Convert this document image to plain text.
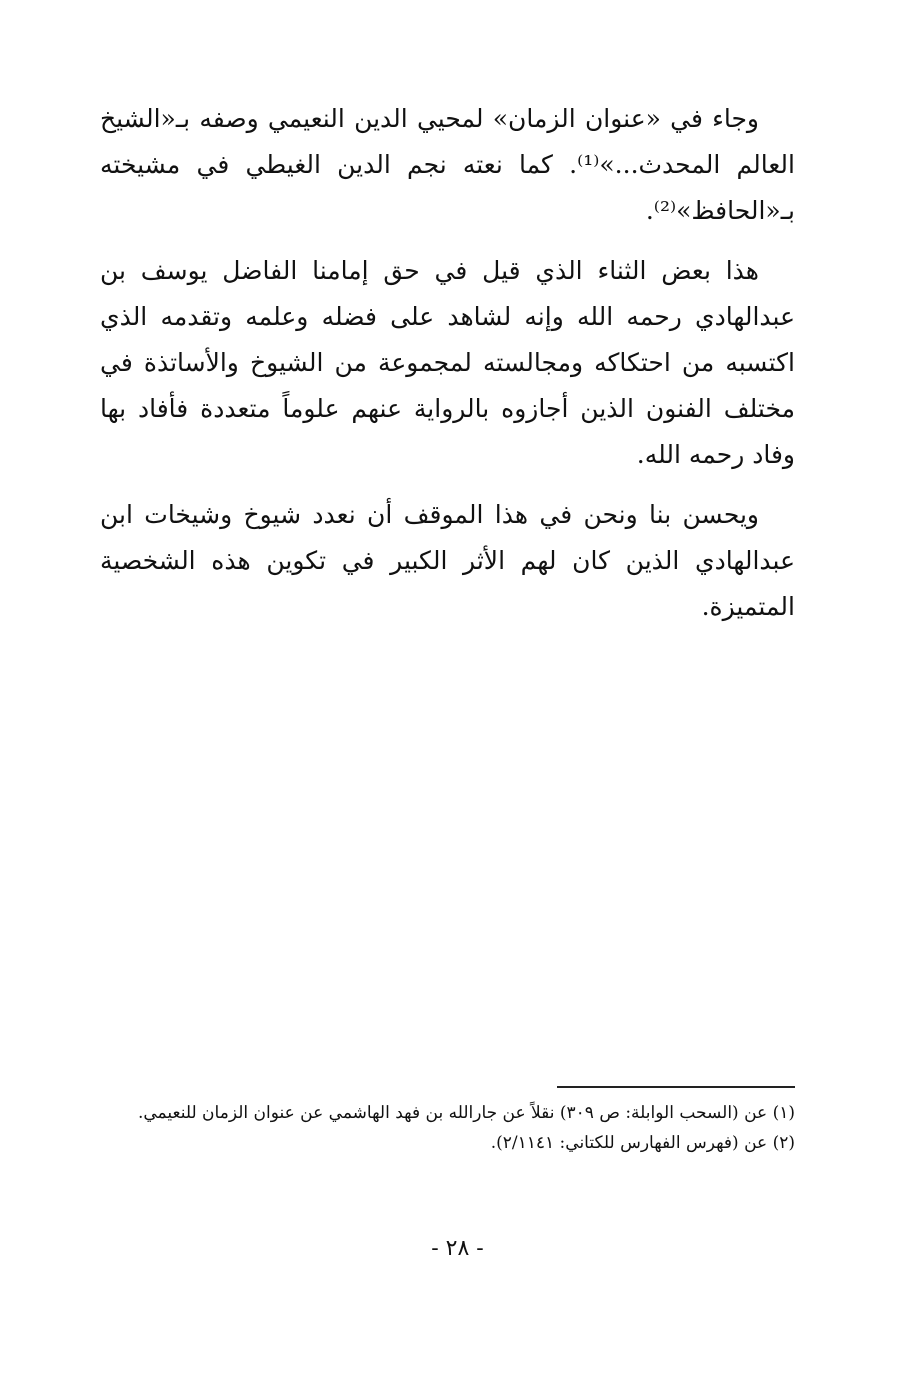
وجاء في «عنوان الزمان» لمحيي الدين النعيمي وصفه بـ«الشيخ العالم المحدث...»⁽¹⁾. كما نعته نجم الدين الغيطي في مشيخته بـ«الحافظ»⁽²⁾.

هذا بعض الثناء الذي قيل في حق إمامنا الفاضل يوسف بن عبدالهادي رحمه الله وإنه لشاهد على فضله وعلمه وتقدمه الذي اكتسبه من احتكاكه ومجالسته لمجموعة من الشيوخ والأساتذة في مختلف الفنون الذين أجازوه بالرواية عنهم علوماً متعددة فأفاد بها وفاد رحمه الله.

ويحسن بنا ونحن في هذا الموقف أن نعدد شيوخ وشيخات ابن عبدالهادي الذين كان لهم الأثر الكبير في تكوين هذه الشخصية المتميزة.

(١) عن (السحب الوابلة: ص ٣٠٩) نقلاً عن جارالله بن فهد الهاشمي عن عنوان الزمان للنعيمي.

(٢) عن (فهرس الفهارس للكتاني: ٢/١١٤١).

- ٢٨ -
